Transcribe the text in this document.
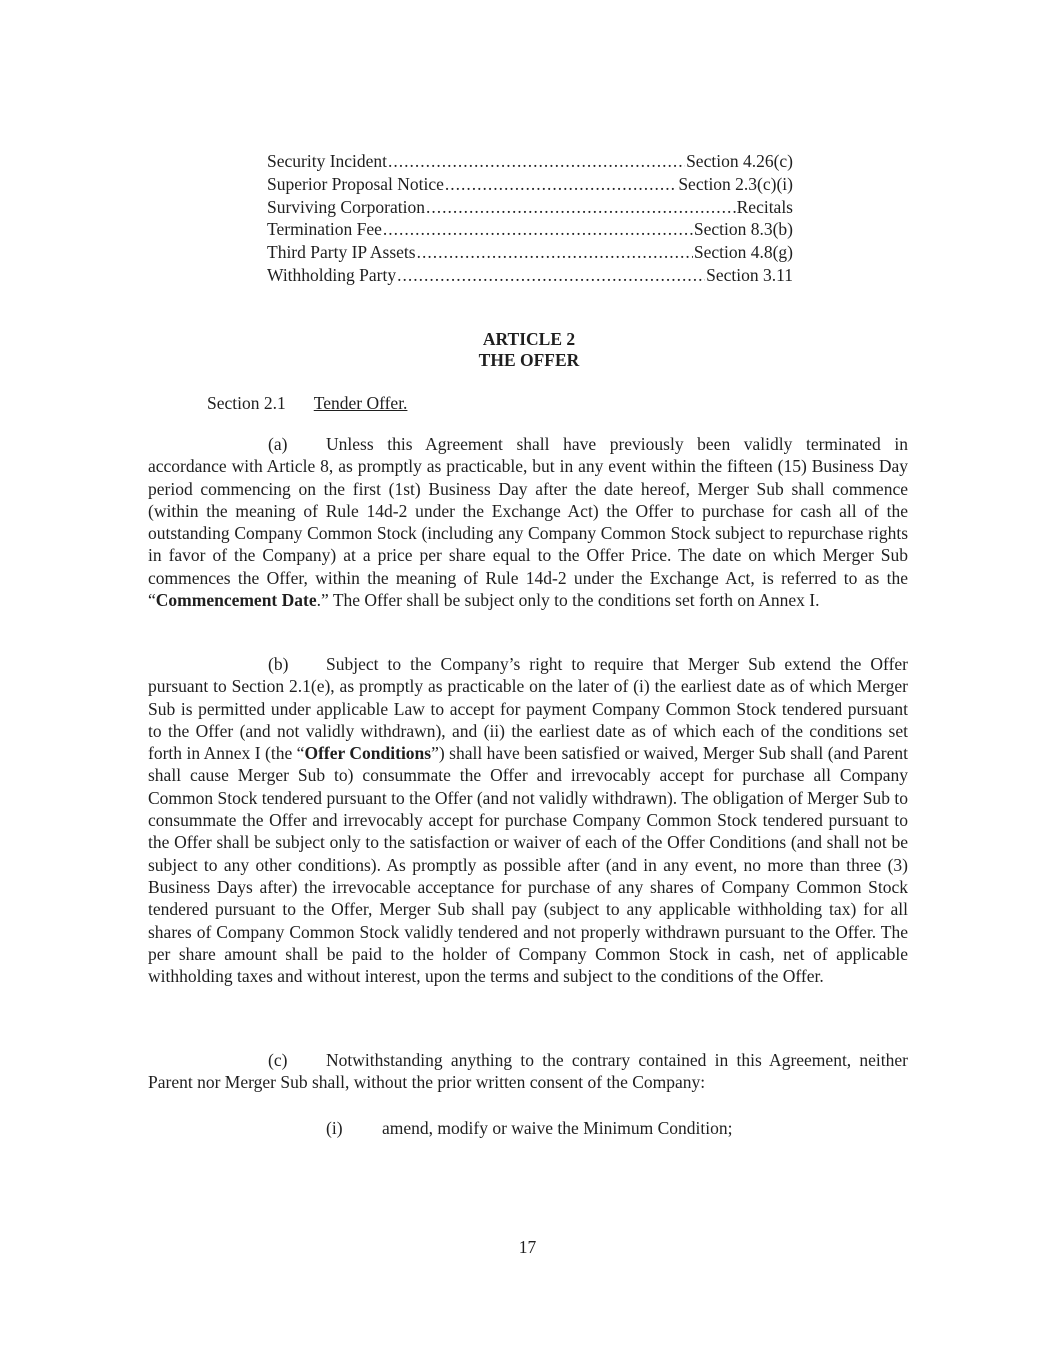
Security Incident .....	Section 4.26(c)
Superior Proposal Notice .....	Section 2.3(c)(i)
Surviving Corporation .....	Recitals
Termination Fee .....	Section 8.3(b)
Third Party IP Assets .....	Section 4.8(g)
Withholding Party .....	Section 3.11
ARTICLE 2
THE OFFER
Section 2.1 Tender Offer.

(a) Unless this Agreement shall have previously been validly terminated in accordance with Article 8, as promptly as practicable, but in any event within the fifteen (15) Business Day period commencing on the first (1st) Business Day after the date hereof, Merger Sub shall commence (within the meaning of Rule 14d-2 under the Exchange Act) the Offer to purchase for cash all of the outstanding Company Common Stock (including any Company Common Stock subject to repurchase rights in favor of the Company) at a price per share equal to the Offer Price. The date on which Merger Sub commences the Offer, within the meaning of Rule 14d-2 under the Exchange Act, is referred to as the “Commencement Date.” The Offer shall be subject only to the conditions set forth on Annex I.

(b) Subject to the Company’s right to require that Merger Sub extend the Offer pursuant to Section 2.1(e), as promptly as practicable on the later of (i) the earliest date as of which Merger Sub is permitted under applicable Law to accept for payment Company Common Stock tendered pursuant to the Offer (and not validly withdrawn), and (ii) the earliest date as of which each of the conditions set forth in Annex I (the “Offer Conditions”) shall have been satisfied or waived, Merger Sub shall (and Parent shall cause Merger Sub to) consummate the Offer and irrevocably accept for purchase all Company Common Stock tendered pursuant to the Offer (and not validly withdrawn). The obligation of Merger Sub to consummate the Offer and irrevocably accept for purchase Company Common Stock tendered pursuant to the Offer shall be subject only to the satisfaction or waiver of each of the Offer Conditions (and shall not be subject to any other conditions). As promptly as possible after (and in any event, no more than three (3) Business Days after) the irrevocable acceptance for purchase of any shares of Company Common Stock tendered pursuant to the Offer, Merger Sub shall pay (subject to any applicable withholding tax) for all shares of Company Common Stock validly tendered and not properly withdrawn pursuant to the Offer. The per share amount shall be paid to the holder of Company Common Stock in cash, net of applicable withholding taxes and without interest, upon the terms and subject to the conditions of the Offer.

(c) Notwithstanding anything to the contrary contained in this Agreement, neither Parent nor Merger Sub shall, without the prior written consent of the Company:

(i) amend, modify or waive the Minimum Condition;
17
